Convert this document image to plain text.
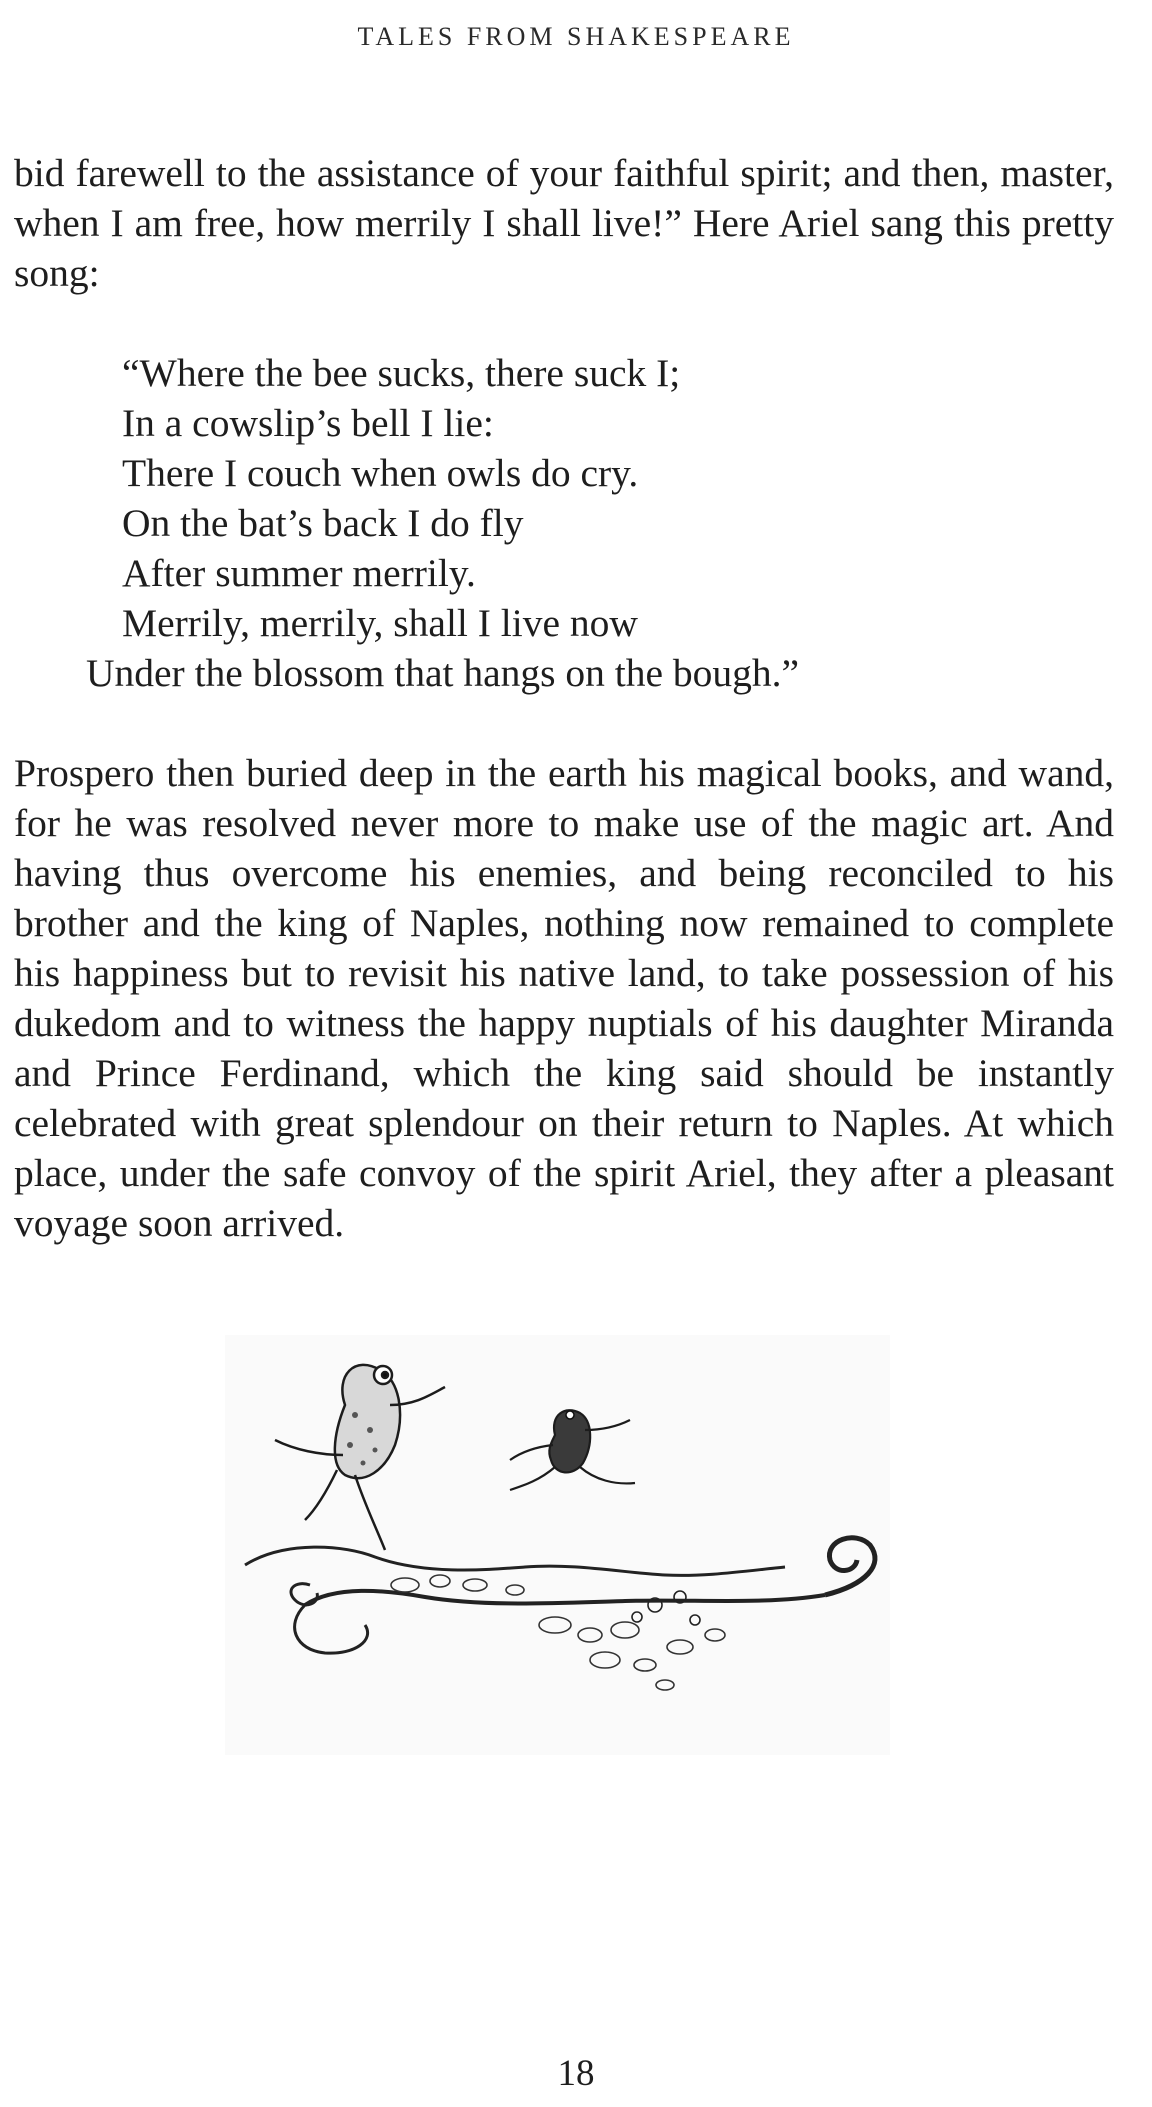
TALES FROM SHAKESPEARE

bid farewell to the assistance of your faithful spirit; and then, master, when I am free, how merrily I shall live!” Here Ariel sang this pretty song:

“Where the bee sucks, there suck I;
In a cowslip’s bell I lie:
There I couch when owls do cry.
On the bat’s back I do fly
After summer merrily.
Merrily, merrily, shall I live now
Under the blossom that hangs on the bough.”

Prospero then buried deep in the earth his magical books, and wand, for he was resolved never more to make use of the magic art. And having thus overcome his enemies, and being reconciled to his brother and the king of Naples, nothing now remained to complete his happiness but to revisit his native land, to take possession of his dukedom and to witness the happy nuptials of his daughter Miranda and Prince Ferdinand, which the king said should be instantly celebrated with great splendour on their return to Naples. At which place, under the safe convoy of the spirit Ariel, they after a pleasant voyage soon arrived.

18
